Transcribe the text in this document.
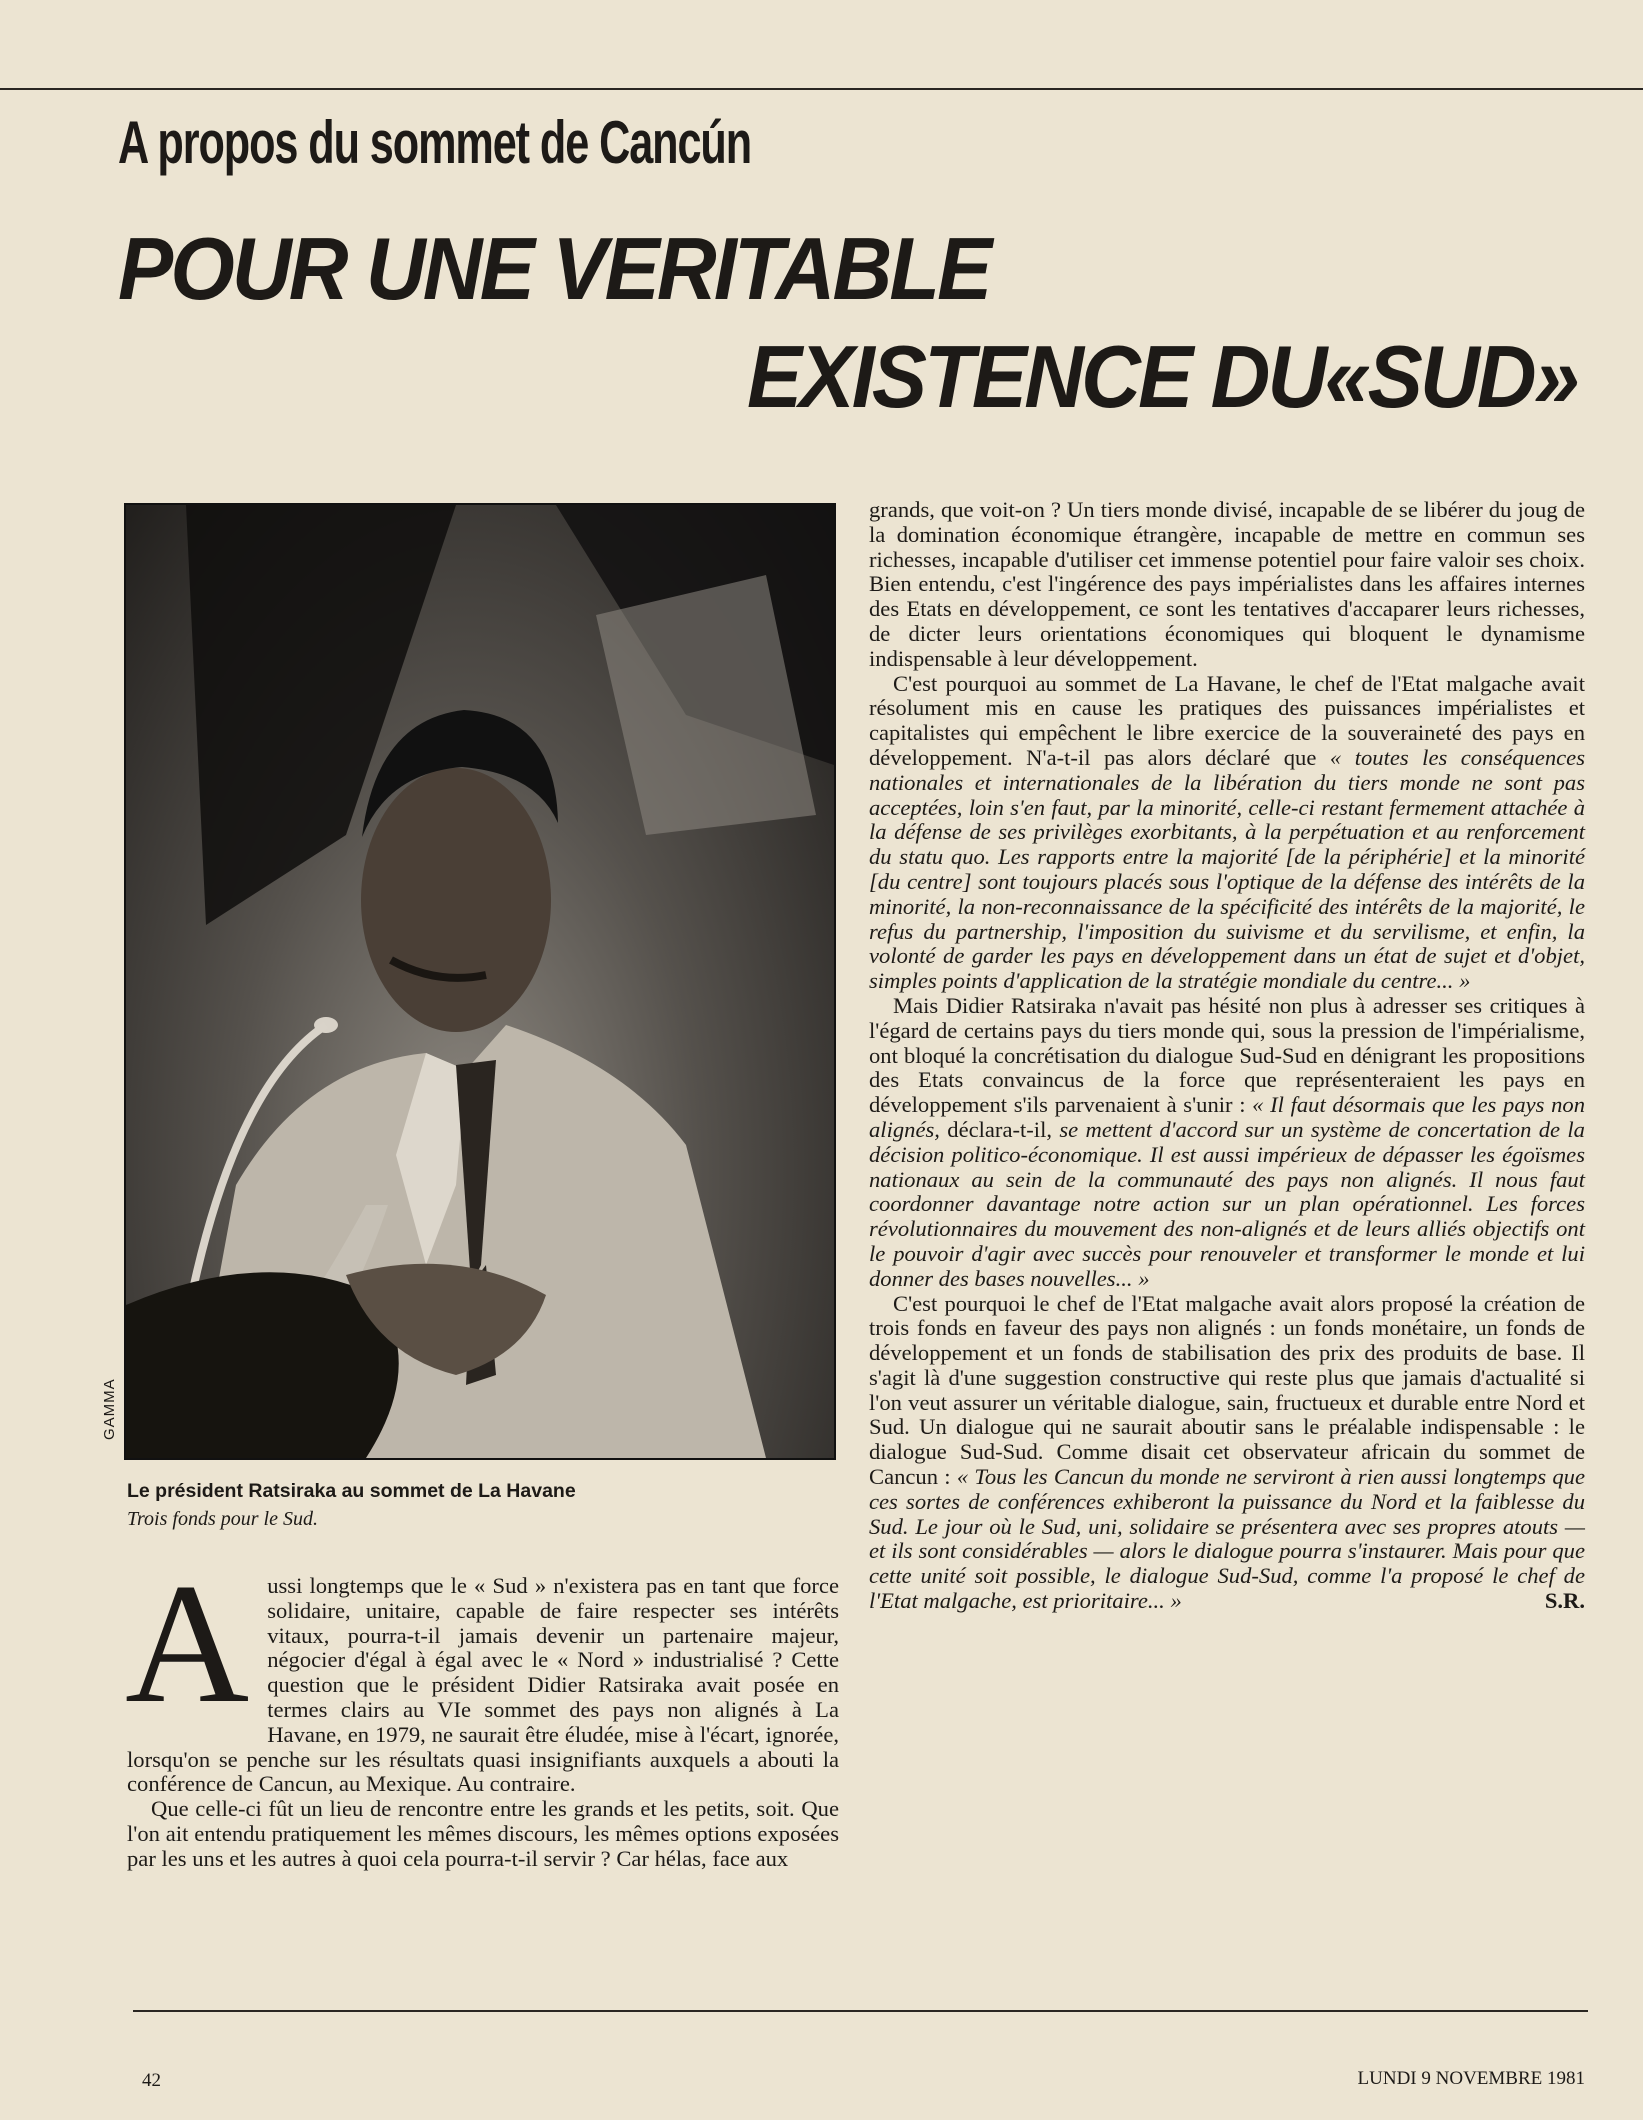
A propos du sommet de Cancún
POUR UNE VERITABLE
EXISTENCE DU«SUD»

GAMMA

Le président Ratsiraka au sommet de La Havane

Trois fonds pour le Sud.

Aussi longtemps que le « Sud » n'existera pas en tant que force solidaire, unitaire, capable de faire respecter ses intérêts vitaux, pourra-t-il jamais devenir un partenaire majeur, négocier d'égal à égal avec le « Nord » industrialisé ? Cette question que le président Didier Ratsiraka avait posée en termes clairs au VIe sommet des pays non alignés à La Havane, en 1979, ne saurait être éludée, mise à l'écart, ignorée, lorsqu'on se penche sur les résultats quasi insignifiants auxquels a abouti la conférence de Cancun, au Mexique. Au contraire.

Que celle-ci fût un lieu de rencontre entre les grands et les petits, soit. Que l'on ait entendu pratiquement les mêmes discours, les mêmes options exposées par les uns et les autres à quoi cela pourra-t-il servir ? Car hélas, face aux

grands, que voit-on ? Un tiers monde divisé, incapable de se libérer du joug de la domination économique étrangère, incapable de mettre en commun ses richesses, incapable d'utiliser cet immense potentiel pour faire valoir ses choix. Bien entendu, c'est l'ingérence des pays impérialistes dans les affaires internes des Etats en développement, ce sont les tentatives d'accaparer leurs richesses, de dicter leurs orientations économiques qui bloquent le dynamisme indispensable à leur développement.

C'est pourquoi au sommet de La Havane, le chef de l'Etat malgache avait résolument mis en cause les pratiques des puissances impérialistes et capitalistes qui empêchent le libre exercice de la souveraineté des pays en développement. N'a-t-il pas alors déclaré que « toutes les conséquences nationales et internationales de la libération du tiers monde ne sont pas acceptées, loin s'en faut, par la minorité, celle-ci restant fermement attachée à la défense de ses privilèges exorbitants, à la perpétuation et au renforcement du statu quo. Les rapports entre la majorité [de la périphérie] et la minorité [du centre] sont toujours placés sous l'optique de la défense des intérêts de la minorité, la non-reconnaissance de la spécificité des intérêts de la majorité, le refus du partnership, l'imposition du suivisme et du servilisme, et enfin, la volonté de garder les pays en développement dans un état de sujet et d'objet, simples points d'application de la stratégie mondiale du centre... »

Mais Didier Ratsiraka n'avait pas hésité non plus à adresser ses critiques à l'égard de certains pays du tiers monde qui, sous la pression de l'impérialisme, ont bloqué la concrétisation du dialogue Sud-Sud en dénigrant les propositions des Etats convaincus de la force que représenteraient les pays en développement s'ils parvenaient à s'unir : « Il faut désormais que les pays non alignés, déclara-t-il, se mettent d'accord sur un système de concertation de la décision politico-économique. Il est aussi impérieux de dépasser les égoïsmes nationaux au sein de la communauté des pays non alignés. Il nous faut coordonner davantage notre action sur un plan opérationnel. Les forces révolutionnaires du mouvement des non-alignés et de leurs alliés objectifs ont le pouvoir d'agir avec succès pour renouveler et transformer le monde et lui donner des bases nouvelles... »

C'est pourquoi le chef de l'Etat malgache avait alors proposé la création de trois fonds en faveur des pays non alignés : un fonds monétaire, un fonds de développement et un fonds de stabilisation des prix des produits de base. Il s'agit là d'une suggestion constructive qui reste plus que jamais d'actualité si l'on veut assurer un véritable dialogue, sain, fructueux et durable entre Nord et Sud. Un dialogue qui ne saurait aboutir sans le préalable indispensable : le dialogue Sud-Sud. Comme disait cet observateur africain du sommet de Cancun : « Tous les Cancun du monde ne serviront à rien aussi longtemps que ces sortes de conférences exhiberont la puissance du Nord et la faiblesse du Sud. Le jour où le Sud, uni, solidaire se présentera avec ses propres atouts — et ils sont considérables — alors le dialogue pourra s'instaurer. Mais pour que cette unité soit possible, le dialogue Sud-Sud, comme l'a proposé le chef de l'Etat malgache, est prioritaire... »	S.R.

42	LUNDI 9 NOVEMBRE 1981
